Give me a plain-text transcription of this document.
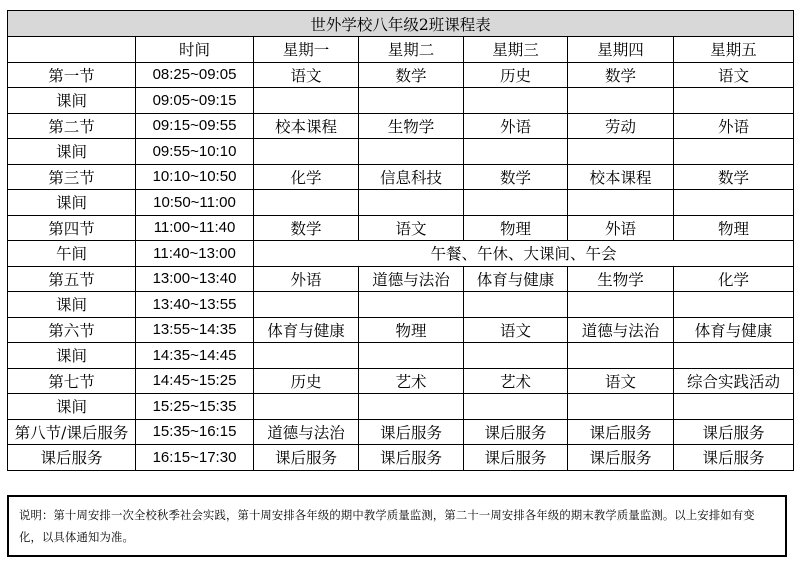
世外学校八年级2班课程表						
	时间	星期一	星期二	星期三	星期四	星期五
第一节	08:25~09:05	语文	数学	历史	数学	语文
课间	09:05~09:15					
第二节	09:15~09:55	校本课程	生物学	外语	劳动	外语
课间	09:55~10:10					
第三节	10:10~10:50	化学	信息科技	数学	校本课程	数学
课间	10:50~11:00					
第四节	11:00~11:40	数学	语文	物理	外语	物理
午间	11:40~13:00	午餐、午休、大课间、午会				
第五节	13:00~13:40	外语	道德与法治	体育与健康	生物学	化学
课间	13:40~13:55					
第六节	13:55~14:35	体育与健康	物理	语文	道德与法治	体育与健康
课间	14:35~14:45					
第七节	14:45~15:25	历史	艺术	艺术	语文	综合实践活动
课间	15:25~15:35					
第八节/课后服务	15:35~16:15	道德与法治	课后服务	课后服务	课后服务	课后服务
课后服务	16:15~17:30	课后服务	课后服务	课后服务	课后服务	课后服务
说明：第十周安排一次全校秋季社会实践，第十周安排各年级的期中教学质量监测，第二十一周安排各年级的期末教学质量监测。以上安排如有变化，以具体通知为准。
